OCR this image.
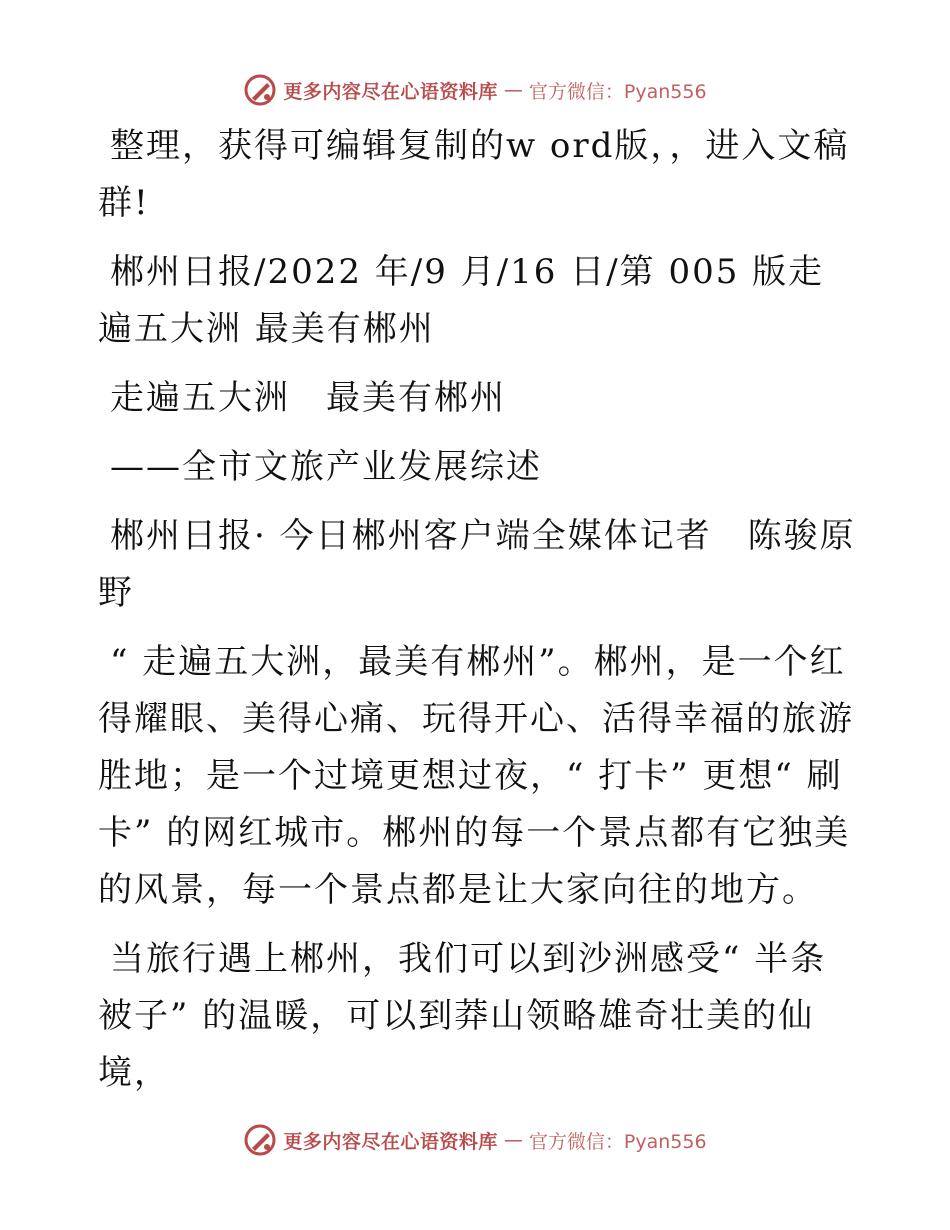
更多内容尽在心语资料库 — 官方微信：Pyan556

整理，获得可编辑复制的w ord版，，进入文稿群!

郴州日报/2022 年/9 月/16 日/第 005 版走遍五大洲 最美有郴州

走遍五大洲　最美有郴州

——全市文旅产业发展综述

郴州日报· 今日郴州客户端全媒体记者　陈骏原野

“ 走遍五大洲，最美有郴州”。郴州，是一个红得耀眼、美得心痛、玩得开心、活得幸福的旅游胜地；是一个过境更想过夜，“ 打卡” 更想“ 刷卡” 的网红城市。郴州的每一个景点都有它独美的风景，每一个景点都是让大家向往的地方。

当旅行遇上郴州，我们可以到沙洲感受“ 半条被子” 的温暖，可以到莽山领略雄奇壮美的仙境，

更多内容尽在心语资料库 — 官方微信：Pyan556
